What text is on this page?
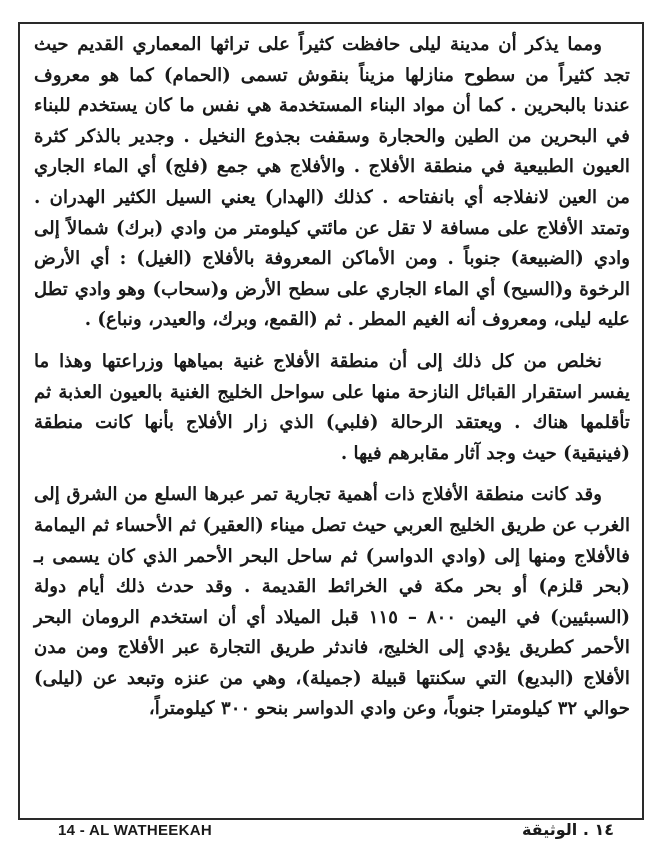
ومما يذكر أن مدينة ليلى حافظت كثيراً على تراثها المعماري القديم حيث تجد كثيراً من سطوح منازلها مزيناً بنقوش تسمى (الحمام) كما هو معروف عندنا بالبحرين . كما أن مواد البناء المستخدمة هي نفس ما كان يستخدم للبناء في البحرين من الطين والحجارة وسقفت بجذوع النخيل . وجدير بالذكر كثرة العيون الطبيعية في منطقة الأفلاج . والأفلاج هي جمع (فلج) أي الماء الجاري من العين لانفلاجه أي بانفتاحه . كذلك (الهدار) يعني السيل الكثير الهدران . وتمتد الأفلاج على مسافة لا تقل عن مائتي كيلومتر من وادي (برك) شمالاً إلى وادي (الضبيعة) جنوباً . ومن الأماكن المعروفة بالأفلاج (الغيل) : أي الأرض الرخوة و(السيح) أي الماء الجاري على سطح الأرض و(سحاب) وهو وادي تطل عليه ليلى، ومعروف أنه الغيم المطر . ثم (القمع، وبرك، والعيدر، ونباع) .

نخلص من كل ذلك إلى أن منطقة الأفلاج غنية بمياهها وزراعتها وهذا ما يفسر استقرار القبائل النازحة منها على سواحل الخليج الغنية بالعيون العذبة ثم تأقلمها هناك . ويعتقد الرحالة (فلبي) الذي زار الأفلاج بأنها كانت منطقة (فينيقية) حيث وجد آثار مقابرهم فيها .

وقد كانت منطقة الأفلاج ذات أهمية تجارية تمر عبرها السلع من الشرق إلى الغرب عن طريق الخليج العربي حيث تصل ميناء (العقير) ثم الأحساء ثم اليمامة فالأفلاج ومنها إلى (وادي الدواسر) ثم ساحل البحر الأحمر الذي كان يسمى بـ (بحر قلزم) أو بحر مكة في الخرائط القديمة . وقد حدث ذلك أيام دولة (السبئيين) في اليمن ٨٠٠ – ١١٥ قبل الميلاد أي أن استخدم الرومان البحر الأحمر كطريق يؤدي إلى الخليج، فاندثر طريق التجارة عبر الأفلاج ومن مدن الأفلاج (البديع) التي سكنتها قبيلة (جميلة)، وهي من عنزه وتبعد عن (ليلى) حوالي ٣٢ كيلومترا جنوباً، وعن وادي الدواسر بنحو ٣٠٠ كيلومتراً،

14 - AL WATHEEKAH	١٤ . الوثيقة
